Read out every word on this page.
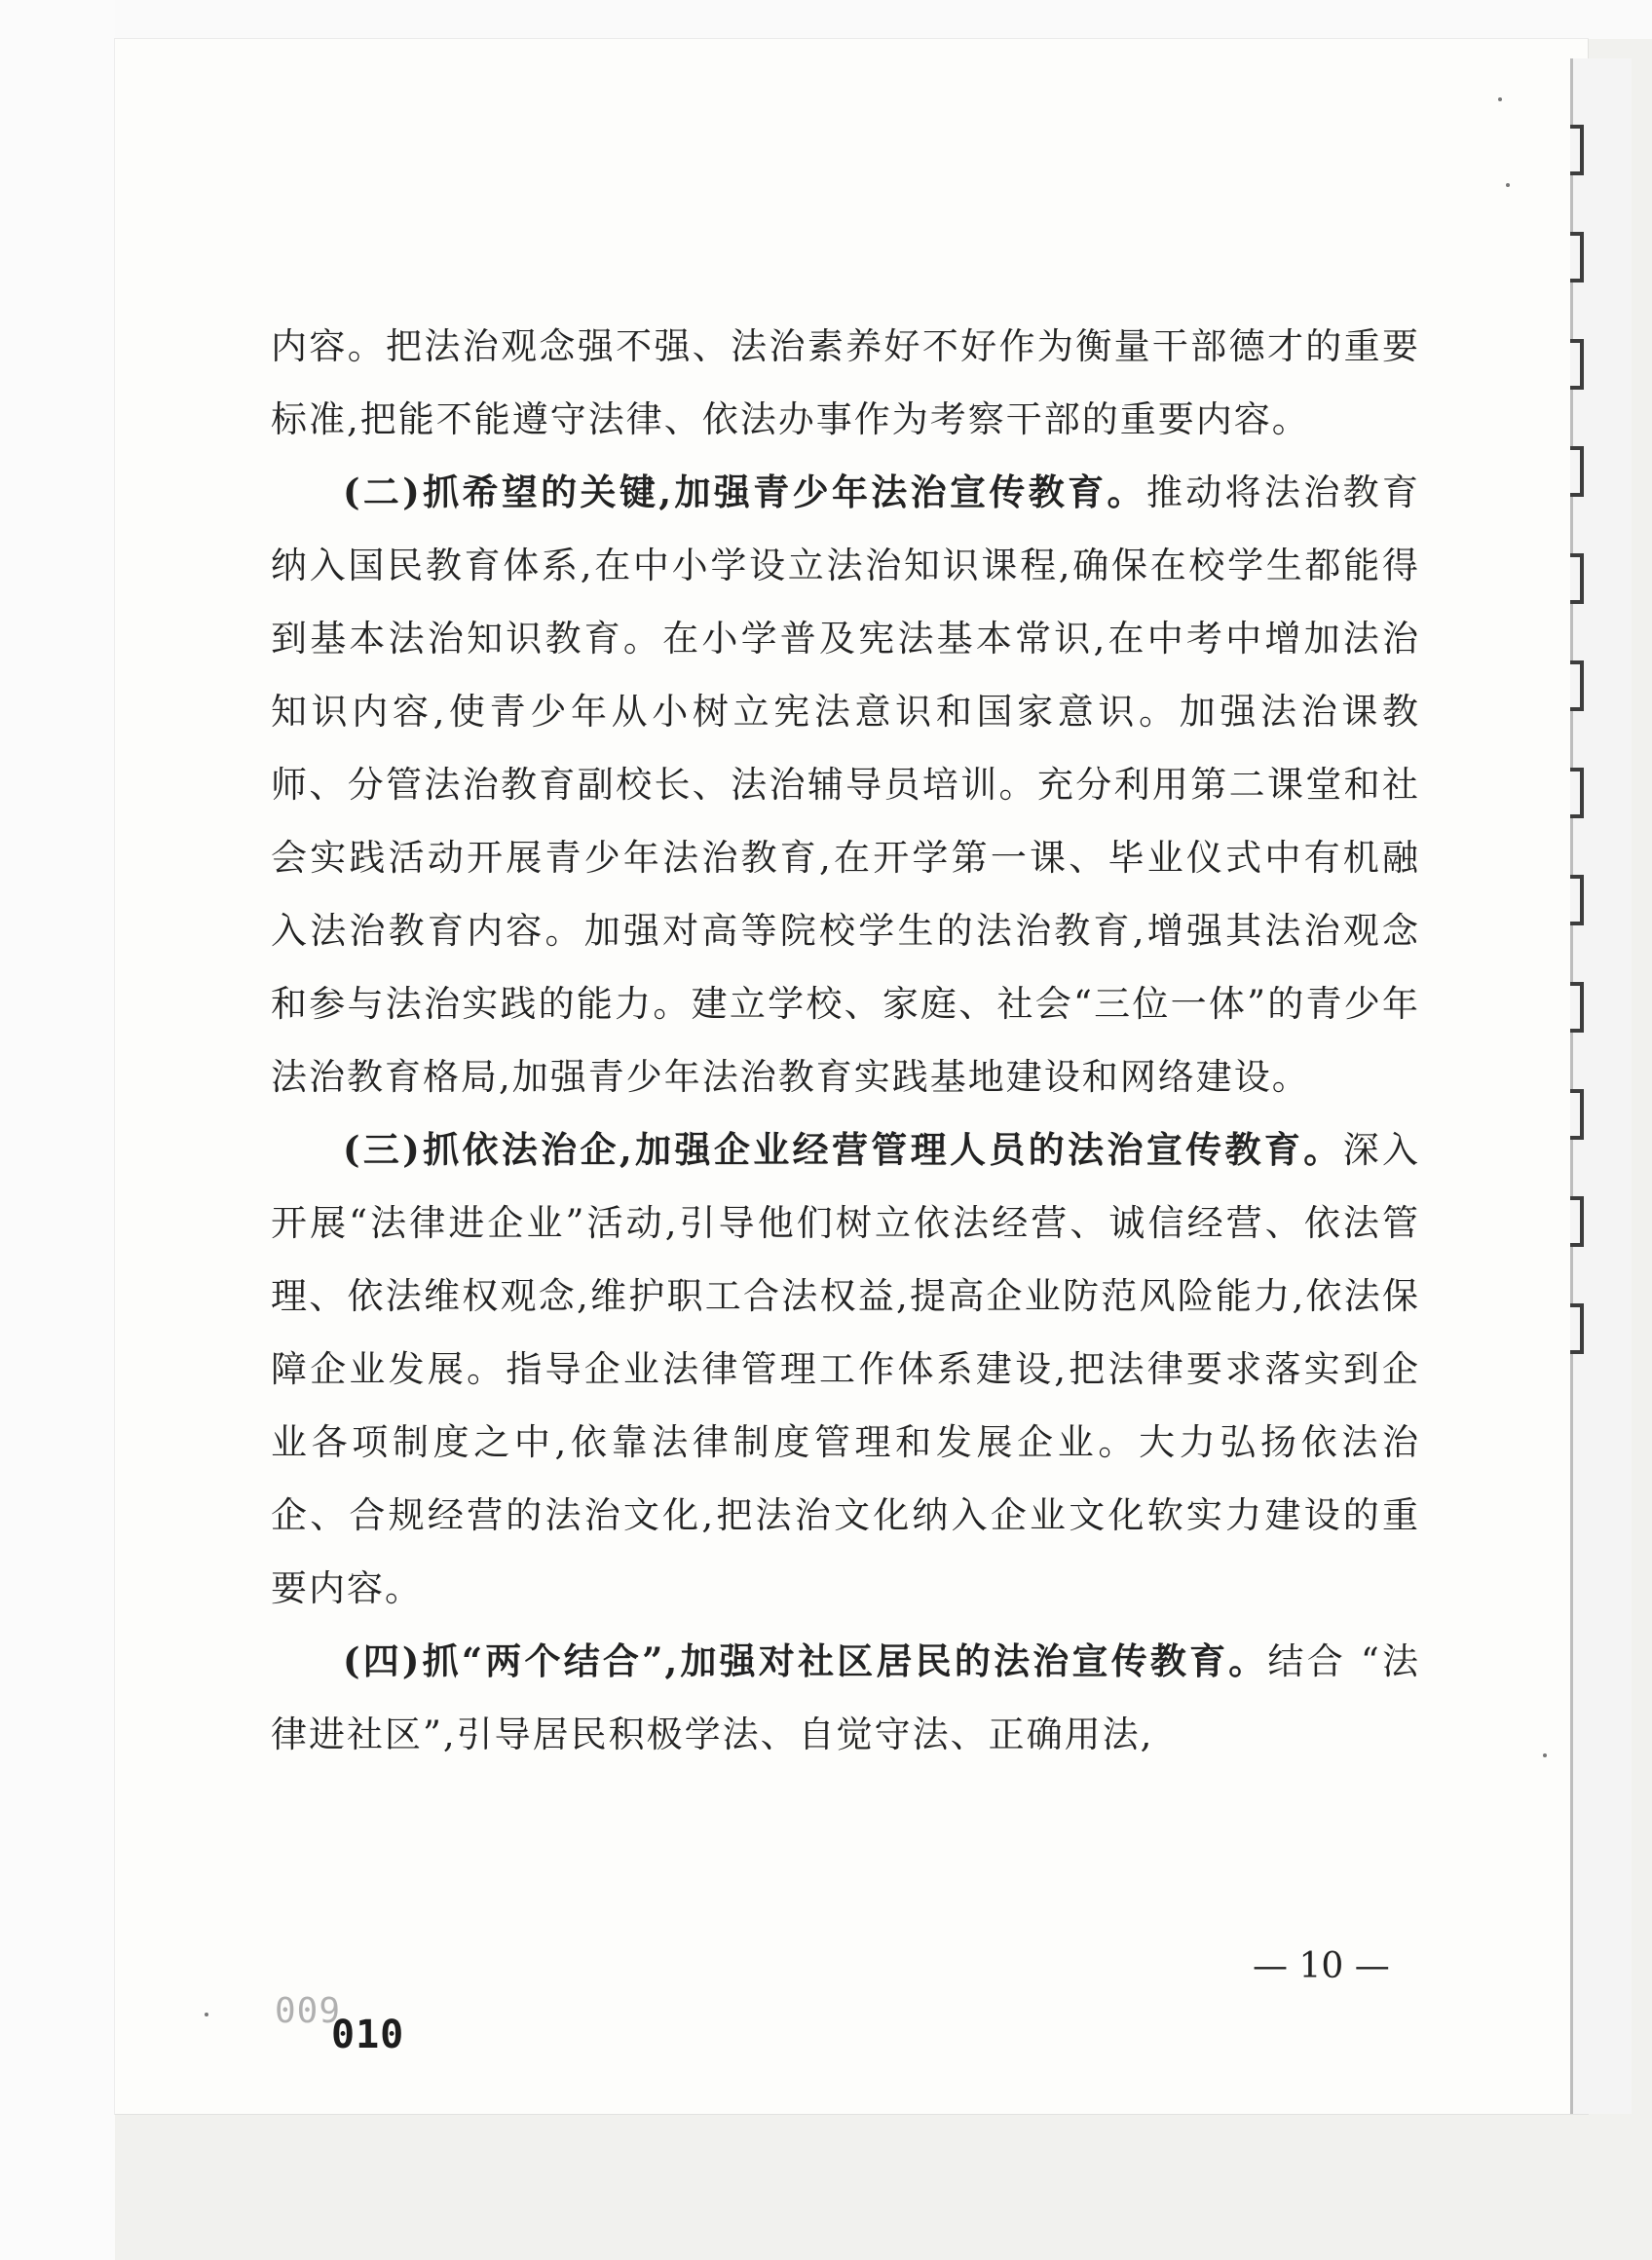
内容。把法治观念强不强、法治素养好不好作为衡量干部德才的重要标准,把能不能遵守法律、依法办事作为考察干部的重要内容。

(二)抓希望的关键,加强青少年法治宣传教育。推动将法治教育纳入国民教育体系,在中小学设立法治知识课程,确保在校学生都能得到基本法治知识教育。在小学普及宪法基本常识,在中考中增加法治知识内容,使青少年从小树立宪法意识和国家意识。加强法治课教师、分管法治教育副校长、法治辅导员培训。充分利用第二课堂和社会实践活动开展青少年法治教育,在开学第一课、毕业仪式中有机融入法治教育内容。加强对高等院校学生的法治教育,增强其法治观念和参与法治实践的能力。建立学校、家庭、社会“三位一体”的青少年法治教育格局,加强青少年法治教育实践基地建设和网络建设。

(三)抓依法治企,加强企业经营管理人员的法治宣传教育。深入开展“法律进企业”活动,引导他们树立依法经营、诚信经营、依法管理、依法维权观念,维护职工合法权益,提高企业防范风险能力,依法保障企业发展。指导企业法律管理工作体系建设,把法律要求落实到企业各项制度之中,依靠法律制度管理和发展企业。大力弘扬依法治企、合规经营的法治文化,把法治文化纳入企业文化软实力建设的重要内容。

(四)抓“两个结合”,加强对社区居民的法治宣传教育。结合 “法律进社区”,引导居民积极学法、自觉守法、正确用法,

— 10 —
009
010
